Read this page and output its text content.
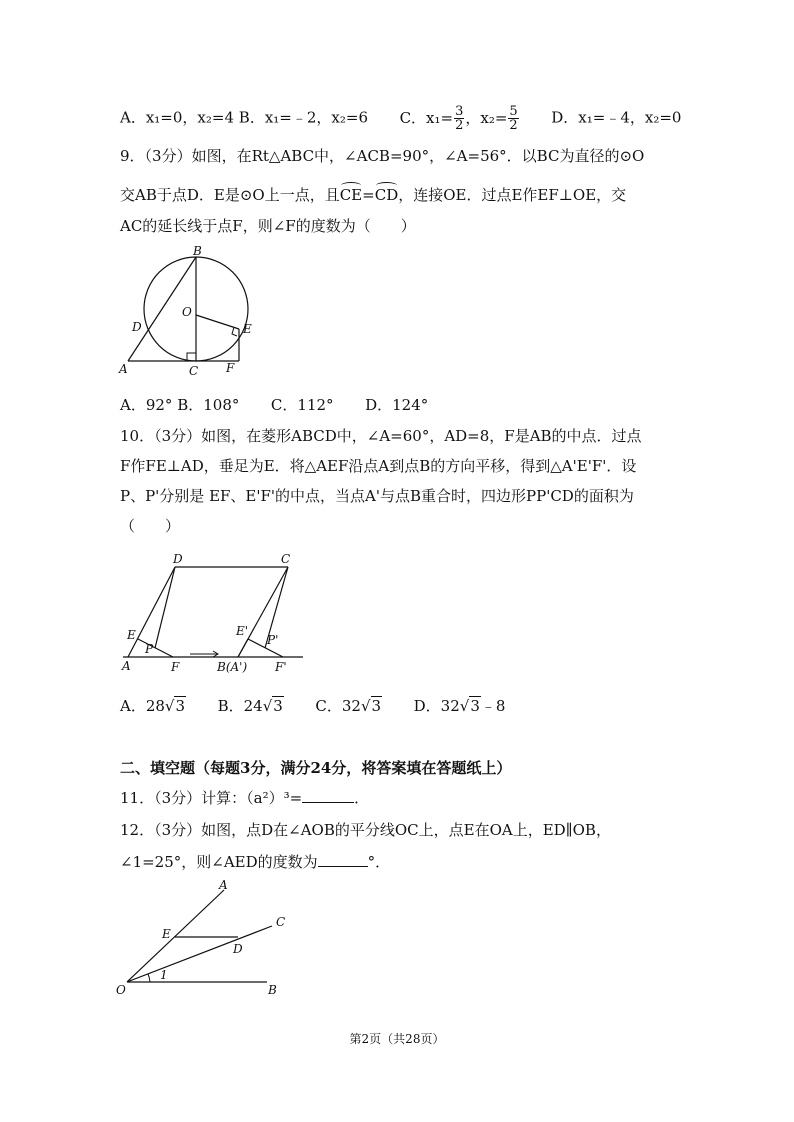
A．x₁=0，x₂=4 B．x₁=﹣2，x₂=6 C．$x_1= \frac{3}{2}$ ，$x_2= \frac{5}{2}$ D．x₁=﹣4，x₂=0
9．（3分）如图，在Rt△ABC中，∠ACB=90°，∠A=56°．以BC为直径的⊙O
交AB于点D．E是⊙O上一点，且CE=CD，连接OE．过点E作EF⊥OE，交
AC的延长线于点F，则∠F的度数为（　　）
B
O
D	E
A	C F
A．92° B．108° C．112° D．124°
10．（3分）如图，在菱形ABCD中，∠A=60°，AD=8，F是AB的中点．过点
F作FE⊥AD，垂足为E．将△AEF沿点A到点B的方向平移，得到△A'E'F'．设
P、P'分别是 EF、E'F'的中点，当点A'与点B重合时，四边形PP'CD的面积为
（　　）
D	C
E
P
A	F
E'
P'
B(A') F'
A．28√3 B．24√3 C．32√3 D．32√3﹣8
二、填空题（每题3分，满分24分，将答案填在答题纸上）
11．（3分）计算：（a²）³=	．
12．（3分）如图，点D在∠AOB的平分线OC上，点E在OA上，ED∥OB，
∠1=25°，则∠AED的度数为	°．
A
C
E
D
O
1
B
第2页（共28页）
